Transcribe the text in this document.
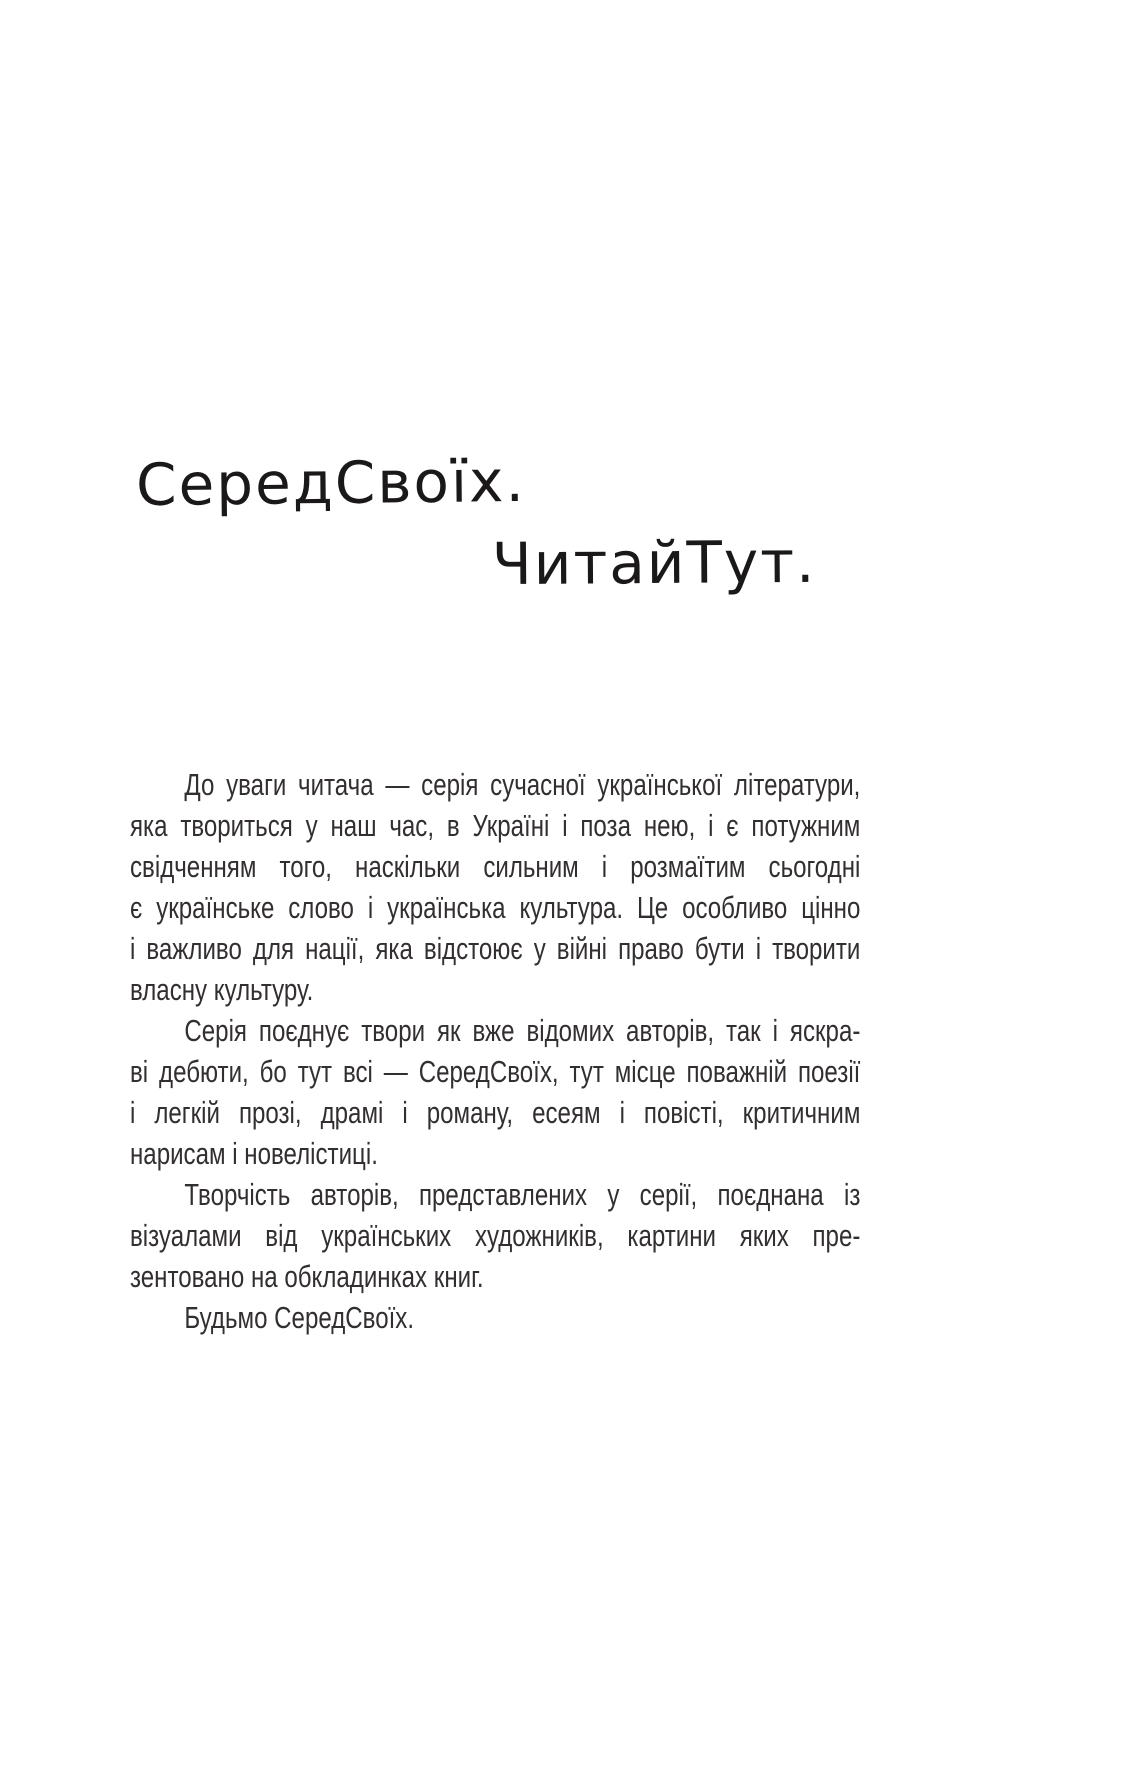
СередСвоїх.
ЧитайТут.
До уваги читача — серія сучасної української літератури,
яка твориться у наш час, в Україні і поза нею, і є потужним
свідченням того, наскільки сильним і розмаїтим сьогодні
є українське слово і українська культура. Це особливо цінно
і важливо для нації, яка відстоює у війні право бути і творити
власну культуру.
Серія поєднує твори як вже відомих авторів, так і яскра-
ві дебюти, бо тут всі — СередСвоїх, тут місце поважній поезії
і легкій прозі, драмі і роману, есеям і повісті, критичним
нарисам і новелістиці.
Творчість авторів, представлених у серії, поєднана із
візуалами від українських художників, картини яких пре-
зентовано на обкладинках книг.
Будьмо СередСвоїх.
